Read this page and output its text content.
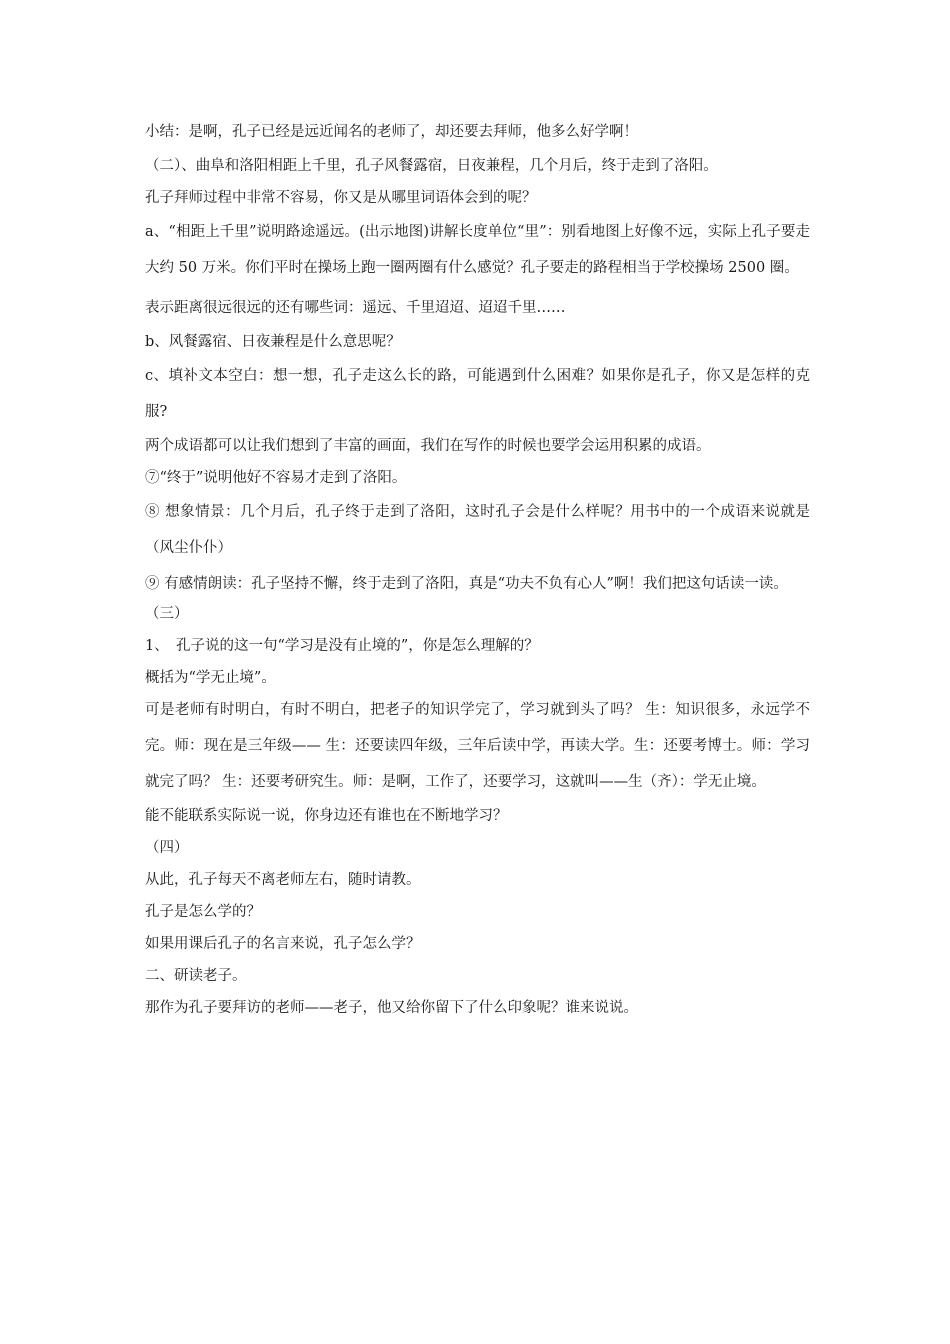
小结：是啊，孔子已经是远近闻名的老师了，却还要去拜师，他多么好学啊！

（二）、曲阜和洛阳相距上千里，孔子风餐露宿，日夜兼程，几个月后，终于走到了洛阳。

孔子拜师过程中非常不容易，你又是从哪里词语体会到的呢？

a、“相距上千里”说明路途遥远。(出示地图)讲解长度单位“里”：别看地图上好像不远，实际上孔子要走大约 50 万米。你们平时在操场上跑一圈两圈有什么感觉？孔子要走的路程相当于学校操场 2500 圈。

表示距离很远很远的还有哪些词：遥远、千里迢迢、迢迢千里……

b、风餐露宿、日夜兼程是什么意思呢？

c、填补文本空白：想一想，孔子走这么长的路，可能遇到什么困难？如果你是孔子，你又是怎样的克服?

两个成语都可以让我们想到了丰富的画面，我们在写作的时候也要学会运用积累的成语。

⑦“终于”说明他好不容易才走到了洛阳。

⑧ 想象情景：几个月后，孔子终于走到了洛阳，这时孔子会是什么样呢？用书中的一个成语来说就是（风尘仆仆）

⑨ 有感情朗读：孔子坚持不懈，终于走到了洛阳，真是“功夫不负有心人”啊！我们把这句话读一读。

（三）

1、　孔子说的这一句“学习是没有止境的”，你是怎么理解的？

概括为“学无止境”。

可是老师有时明白，有时不明白，把老子的知识学完了，学习就到头了吗？ 生：知识很多，永远学不完。师：现在是三年级—— 生：还要读四年级，三年后读中学，再读大学。生：还要考博士。师：学习就完了吗？ 生：还要考研究生。师：是啊，工作了，还要学习，这就叫——生（齐）：学无止境。

能不能联系实际说一说，你身边还有谁也在不断地学习？

（四）

从此，孔子每天不离老师左右，随时请教。

孔子是怎么学的？

如果用课后孔子的名言来说，孔子怎么学？

二、研读老子。

那作为孔子要拜访的老师——老子，他又给你留下了什么印象呢？谁来说说。
